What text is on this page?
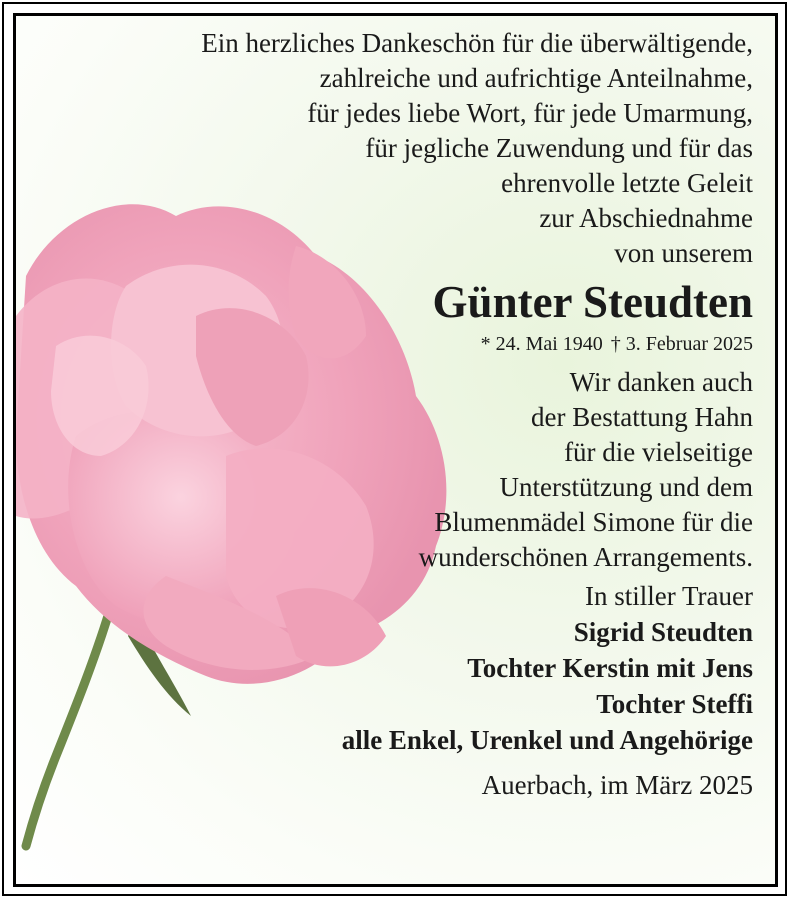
Ein herzliches Dankeschön für die überwältigende,
zahlreiche und aufrichtige Anteilnahme,
für jedes liebe Wort, für jede Umarmung,
für jegliche Zuwendung und für das
ehrenvolle letzte Geleit
zur Abschiednahme
von unserem
Günter Steudten
* 24. Mai 1940 † 3. Februar 2025
Wir danken auch
der Bestattung Hahn
für die vielseitige
Unterstützung und dem
Blumenmädel Simone für die
wunderschönen Arrangements.
In stiller Trauer
Sigrid Steudten
Tochter Kerstin mit Jens
Tochter Steffi
alle Enkel, Urenkel und Angehörige
Auerbach, im März 2025
